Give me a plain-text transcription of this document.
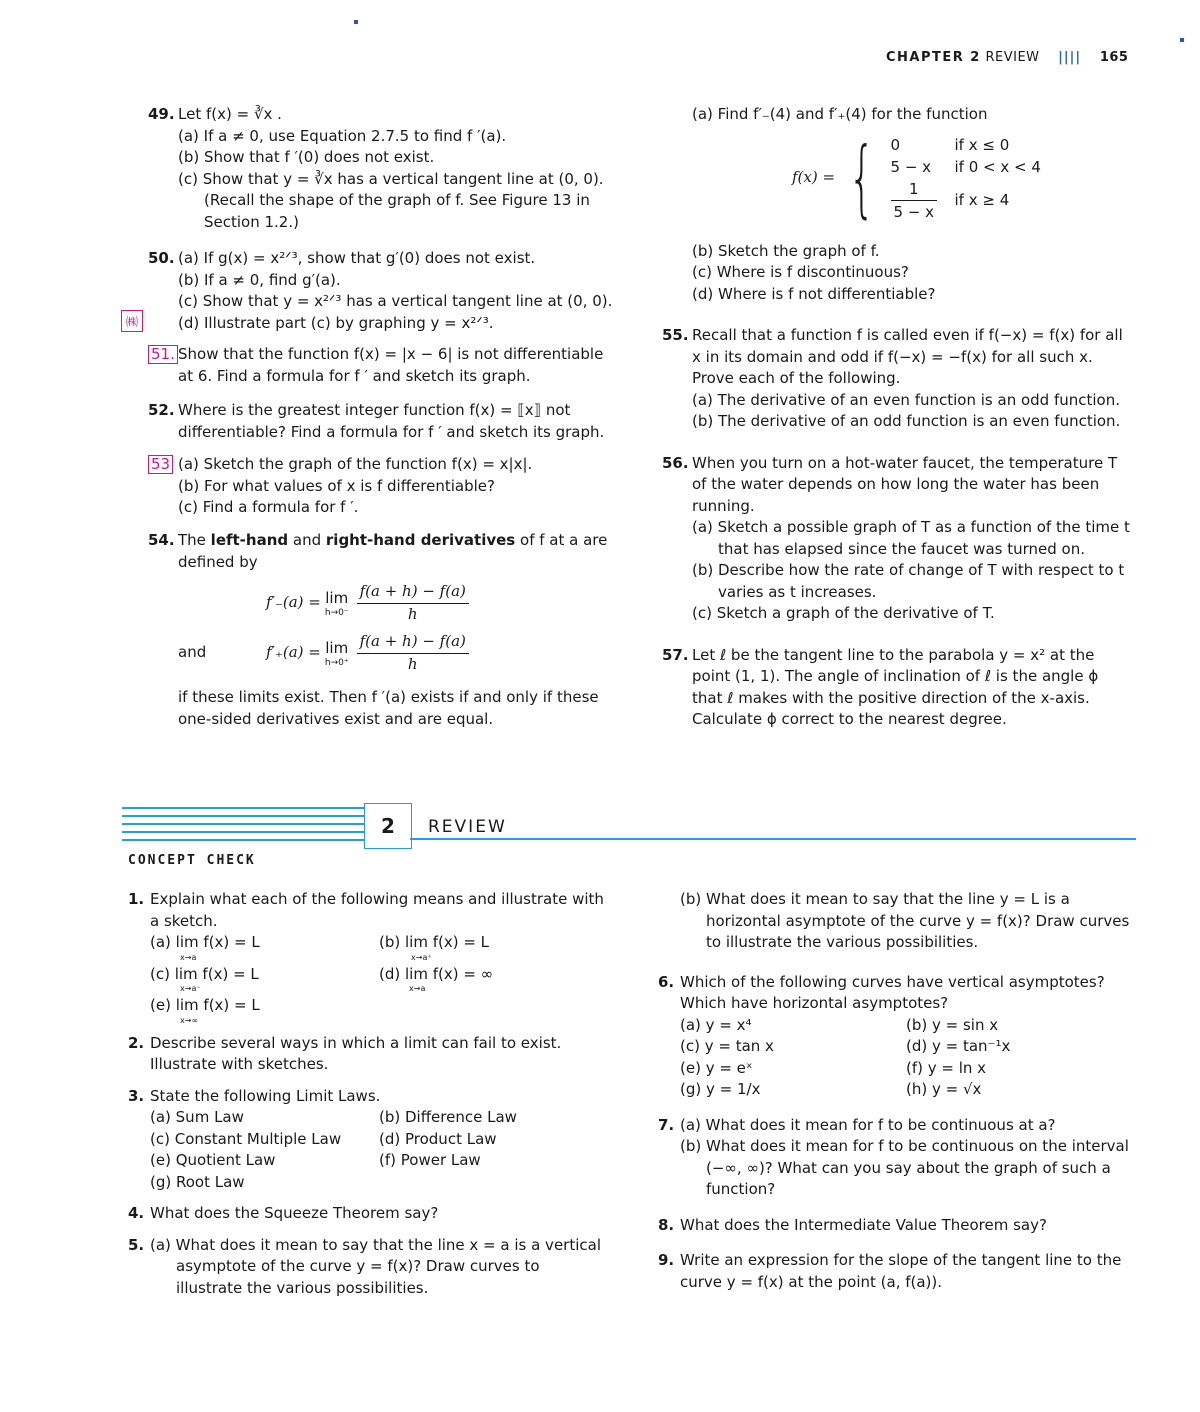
CHAPTER 2 REVIEW |||| 165
㈱
49. Let f(x) = ∛x .
(a) If a ≠ 0, use Equation 2.7.5 to find f ′(a).
(b) Show that f ′(0) does not exist.
(c) Show that y = ∛x has a vertical tangent line at (0, 0). (Recall the shape of the graph of f. See Figure 13 in Section 1.2.)
50. (a) If g(x) = x²ᐟ³, show that g′(0) does not exist.
(b) If a ≠ 0, find g′(a).
(c) Show that y = x²ᐟ³ has a vertical tangent line at (0, 0).
(d) Illustrate part (c) by graphing y = x²ᐟ³.
51. Show that the function f(x) = |x − 6| is not differentiable at 6. Find a formula for f ′ and sketch its graph.
52. Where is the greatest integer function f(x) = ⟦x⟧ not differentiable? Find a formula for f ′ and sketch its graph.
53 (a) Sketch the graph of the function f(x) = x|x|.
(b) For what values of x is f differentiable?
(c) Find a formula for f ′.
54. The left-hand and right-hand derivatives of f at a are defined by
f′₋(a) = lim
$h\to 0^- \frac{f(a + h) - f(a)}{h}$
and	f′₊(a) = lim
$h\to 0^+ \frac{f(a + h) - f(a)}{h}$
if these limits exist. Then f ′(a) exists if and only if these one-sided derivatives exist and are equal.
(a) Find f′₋(4) and f′₊(4) for the function
f(x) = { 0	if x ≤ 0
5 − x	if 0 < x < 4
$\frac{1}{5 - x}$ if x ≥ 4
(b) Sketch the graph of f.
(c) Where is f discontinuous?
(d) Where is f not differentiable?
55. Recall that a function f is called even if f(−x) = f(x) for all x in its domain and odd if f(−x) = −f(x) for all such x. Prove each of the following.
(a) The derivative of an even function is an odd function.
(b) The derivative of an odd function is an even function.
56. When you turn on a hot-water faucet, the temperature T of the water depends on how long the water has been running.
(a) Sketch a possible graph of T as a function of the time t that has elapsed since the faucet was turned on.
(b) Describe how the rate of change of T with respect to t varies as t increases.
(c) Sketch a graph of the derivative of T.
57. Let ℓ be the tangent line to the parabola y = x² at the point (1, 1). The angle of inclination of ℓ is the angle ϕ that ℓ makes with the positive direction of the x-axis. Calculate ϕ correct to the nearest degree.
2	REVIEW
CONCEPT CHECK
1. Explain what each of the following means and illustrate with a sketch.
(a) lim f(x) = L
x→a
(b) lim f(x) = L
x→a⁺
(c) lim f(x) = L
x→a⁻
(d) lim f(x) = ∞
x→a
(e) lim f(x) = L
x→∞
2. Describe several ways in which a limit can fail to exist. Illustrate with sketches.
3. State the following Limit Laws.
(a) Sum Law	(b) Difference Law
(c) Constant Multiple Law	(d) Product Law
(e) Quotient Law	(f) Power Law
(g) Root Law
4. What does the Squeeze Theorem say?
5. (a) What does it mean to say that the line x = a is a vertical asymptote of the curve y = f(x)? Draw curves to illustrate the various possibilities.
(b) What does it mean to say that the line y = L is a horizontal asymptote of the curve y = f(x)? Draw curves to illustrate the various possibilities.
6. Which of the following curves have vertical asymptotes? Which have horizontal asymptotes?
(a) y = x⁴	(b) y = sin x
(c) y = tan x	(d) y = tan⁻¹x
(e) y = eˣ	(f) y = ln x
(g) y = 1/x	(h) y = √x
7. (a) What does it mean for f to be continuous at a?
(b) What does it mean for f to be continuous on the interval (−∞, ∞)? What can you say about the graph of such a function?
8. What does the Intermediate Value Theorem say?
9. Write an expression for the slope of the tangent line to the curve y = f(x) at the point (a, f(a)).
